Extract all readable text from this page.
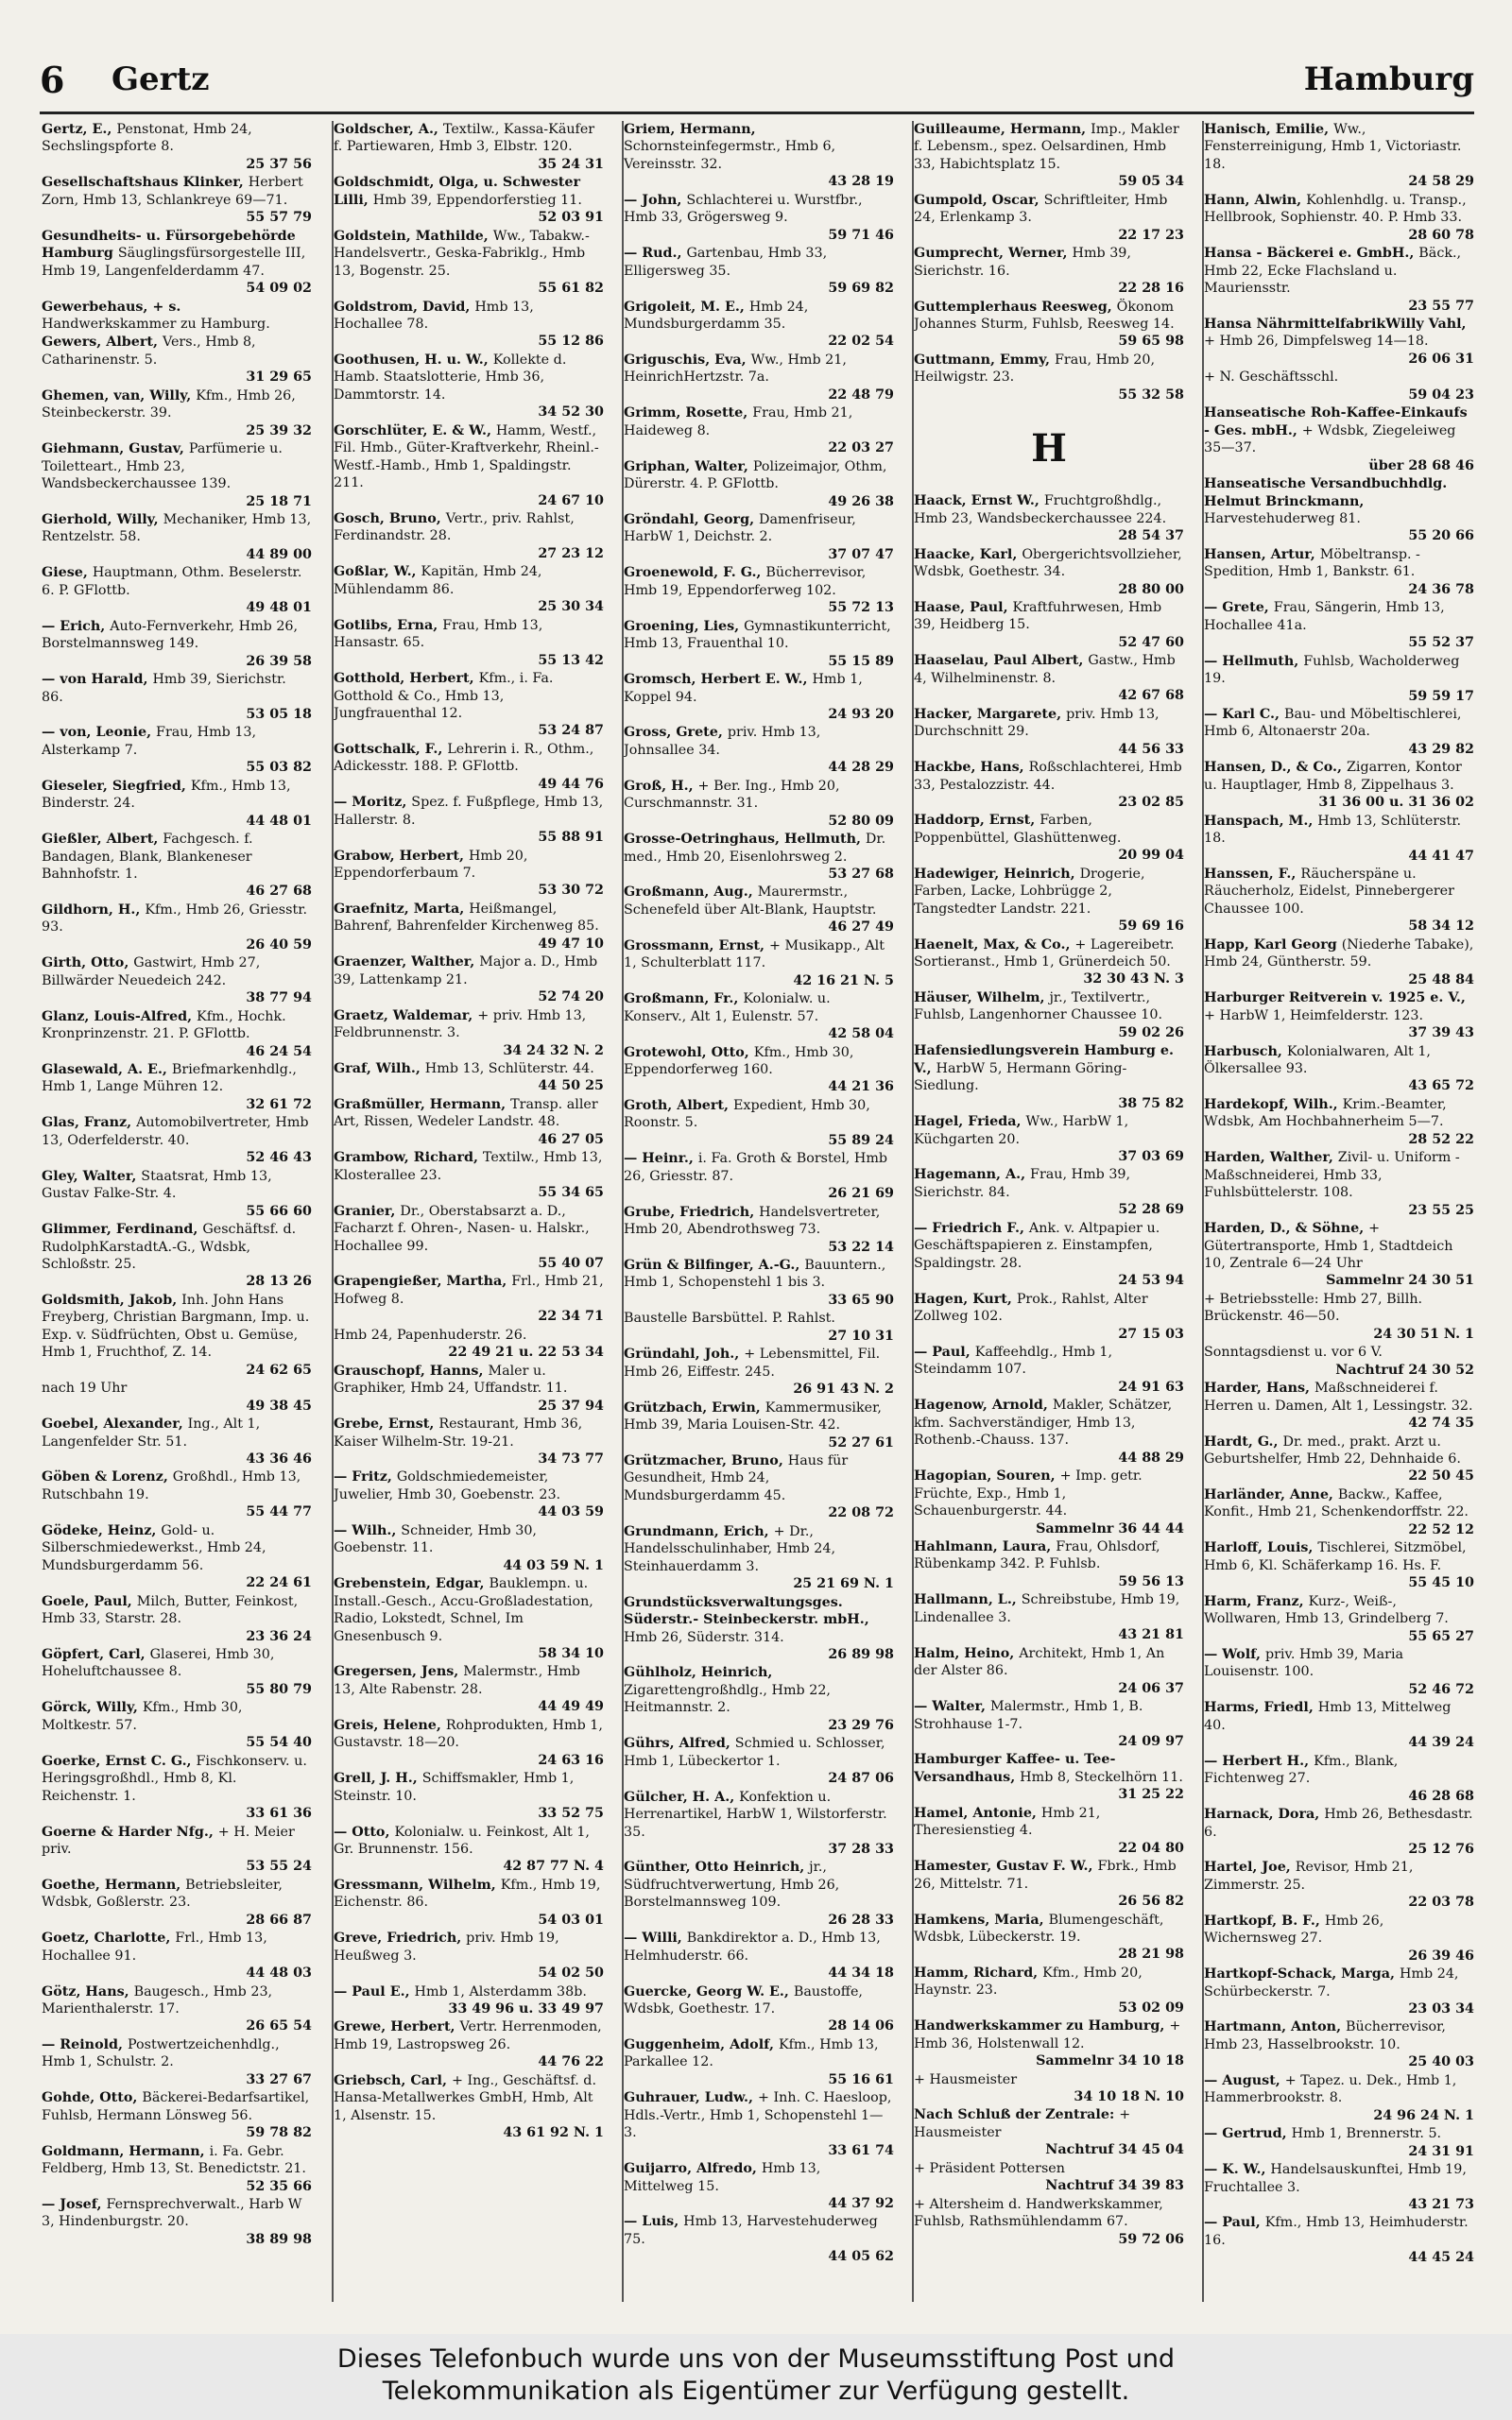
6 Gertz	Hamburg
Gertz, E., Penstonat, Hmb 24, Sechslingspforte 8.
25 37 56
Gesellschaftshaus Klinker, Herbert Zorn, Hmb 13, Schlankreye 69—71.
55 57 79
Gesundheits- u. Fürsorgebehörde Hamburg Säuglingsfürsorgestelle III, Hmb 19, Langenfelderdamm 47.
54 09 02
Gewerbehaus, + s. Handwerkskammer zu Hamburg.
Gewers, Albert, Vers., Hmb 8, Catharinenstr. 5.
31 29 65
Ghemen, van, Willy, Kfm., Hmb 26, Steinbeckerstr. 39.
25 39 32
Giehmann, Gustav, Parfümerie u. Toiletteart., Hmb 23, Wandsbeckerchaussee 139.
25 18 71
Gierhold, Willy, Mechaniker, Hmb 13, Rentzelstr. 58.
44 89 00
Giese, Hauptmann, Othm. Beselerstr. 6. P. GFlottb.
49 48 01
— Erich, Auto-Fernverkehr, Hmb 26, Borstelmannsweg 149.
26 39 58
— von Harald, Hmb 39, Sierichstr. 86.
53 05 18
— von, Leonie, Frau, Hmb 13, Alsterkamp 7.
55 03 82
Gieseler, Siegfried, Kfm., Hmb 13, Binderstr. 24.
44 48 01
Gießler, Albert, Fachgesch. f. Bandagen, Blank, Blankeneser Bahnhofstr. 1.
46 27 68
Gildhorn, H., Kfm., Hmb 26, Griesstr. 93.
26 40 59
Girth, Otto, Gastwirt, Hmb 27, Billwärder Neuedeich 242.
38 77 94
Glanz, Louis-Alfred, Kfm., Hochk. Kronprinzenstr. 21. P. GFlottb.
46 24 54
Glasewald, A. E., Briefmarkenhdlg., Hmb 1, Lange Mühren 12.
32 61 72
Glas, Franz, Automobilvertreter, Hmb 13, Oderfelderstr. 40.
52 46 43
Gley, Walter, Staatsrat, Hmb 13, Gustav Falke-Str. 4.
55 66 60
Glimmer, Ferdinand, Geschäftsf. d. RudolphKarstadtA.-G., Wdsbk, Schloßstr. 25.
28 13 26
Goldsmith, Jakob, Inh. John Hans Freyberg, Christian Bargmann, Imp. u. Exp. v. Südfrüchten, Obst u. Gemüse, Hmb 1, Fruchthof, Z. 14.
24 62 65
nach 19 Uhr
49 38 45
Goebel, Alexander, Ing., Alt 1, Langenfelder Str. 51.
43 36 46
Göben & Lorenz, Großhdl., Hmb 13, Rutschbahn 19.
55 44 77
Gödeke, Heinz, Gold- u. Silberschmiedewerkst., Hmb 24, Mundsburgerdamm 56.
22 24 61
Goele, Paul, Milch, Butter, Feinkost, Hmb 33, Starstr. 28.
23 36 24
Göpfert, Carl, Glaserei, Hmb 30, Hoheluftchaussee 8.
55 80 79
Görck, Willy, Kfm., Hmb 30, Moltkestr. 57.
55 54 40
Goerke, Ernst C. G., Fischkonserv. u. Heringsgroßhdl., Hmb 8, Kl. Reichenstr. 1.
33 61 36
Goerne & Harder Nfg., + H. Meier priv.
53 55 24
Goethe, Hermann, Betriebsleiter, Wdsbk, Goßlerstr. 23.
28 66 87
Goetz, Charlotte, Frl., Hmb 13, Hochallee 91.
44 48 03
Götz, Hans, Baugesch., Hmb 23, Marienthalerstr. 17.
26 65 54
— Reinold, Postwertzeichenhdlg., Hmb 1, Schulstr. 2.
33 27 67
Gohde, Otto, Bäckerei-Bedarfsartikel, Fuhlsb, Hermann Lönsweg 56.
59 78 82
Goldmann, Hermann, i. Fa. Gebr. Feldberg, Hmb 13, St. Benedictstr. 21.
52 35 66
— Josef, Fernsprechverwalt., Harb W 3, Hindenburgstr. 20.
38 89 98
Goldscher, A., Textilw., Kassa-Käufer f. Partiewaren, Hmb 3, Elbstr. 120.
35 24 31
Goldschmidt, Olga, u. Schwester Lilli, Hmb 39, Eppendorferstieg 11.
52 03 91
Goldstein, Mathilde, Ww., Tabakw.-Handelsvertr., Geska-Fabriklg., Hmb 13, Bogenstr. 25.
55 61 82
Goldstrom, David, Hmb 13, Hochallee 78.
55 12 86
Goothusen, H. u. W., Kollekte d. Hamb. Staatslotterie, Hmb 36, Dammtorstr. 14.
34 52 30
Gorschlüter, E. & W., Hamm, Westf., Fil. Hmb., Güter-Kraftverkehr, Rheinl.-Westf.-Hamb., Hmb 1, Spaldingstr. 211.
24 67 10
Gosch, Bruno, Vertr., priv. Rahlst, Ferdinandstr. 28.
27 23 12
Goßlar, W., Kapitän, Hmb 24, Mühlendamm 86.
25 30 34
Gotlibs, Erna, Frau, Hmb 13, Hansastr. 65.
55 13 42
Gotthold, Herbert, Kfm., i. Fa. Gotthold & Co., Hmb 13, Jungfrauenthal 12.
53 24 87
Gottschalk, F., Lehrerin i. R., Othm., Adickesstr. 188. P. GFlottb.
49 44 76
— Moritz, Spez. f. Fußpflege, Hmb 13, Hallerstr. 8.
55 88 91
Grabow, Herbert, Hmb 20, Eppendorferbaum 7.
53 30 72
Graefnitz, Marta, Heißmangel, Bahrenf, Bahrenfelder Kirchenweg 85.
49 47 10
Graenzer, Walther, Major a. D., Hmb 39, Lattenkamp 21.
52 74 20
Graetz, Waldemar, + priv. Hmb 13, Feldbrunnenstr. 3.
34 24 32 N. 2
Graf, Wilh., Hmb 13, Schlüterstr. 44.
44 50 25
Graßmüller, Hermann, Transp. aller Art, Rissen, Wedeler Landstr. 48.
46 27 05
Grambow, Richard, Textilw., Hmb 13, Klosterallee 23.
55 34 65
Granier, Dr., Oberstabsarzt a. D., Facharzt f. Ohren-, Nasen- u. Halskr., Hochallee 99.
55 40 07
Grapengießer, Martha, Frl., Hmb 21, Hofweg 8.
22 34 71
Hmb 24, Papenhuderstr. 26.
22 49 21 u. 22 53 34
Grauschopf, Hanns, Maler u. Graphiker, Hmb 24, Uffandstr. 11.
25 37 94
Grebe, Ernst, Restaurant, Hmb 36, Kaiser Wilhelm-Str. 19-21.
34 73 77
— Fritz, Goldschmiedemeister, Juwelier, Hmb 30, Goebenstr. 23.
44 03 59
— Wilh., Schneider, Hmb 30, Goebenstr. 11.
44 03 59 N. 1
Grebenstein, Edgar, Bauklempn. u. Install.-Gesch., Accu-Großladestation, Radio, Lokstedt, Schnel, Im Gnesenbusch 9.
58 34 10
Gregersen, Jens, Malermstr., Hmb 13, Alte Rabenstr. 28.
44 49 49
Greis, Helene, Rohprodukten, Hmb 1, Gustavstr. 18—20.
24 63 16
Grell, J. H., Schiffsmakler, Hmb 1, Steinstr. 10.
33 52 75
— Otto, Kolonialw. u. Feinkost, Alt 1, Gr. Brunnenstr. 156.
42 87 77 N. 4
Gressmann, Wilhelm, Kfm., Hmb 19, Eichenstr. 86.
54 03 01
Greve, Friedrich, priv. Hmb 19, Heußweg 3.
54 02 50
— Paul E., Hmb 1, Alsterdamm 38b.
33 49 96 u. 33 49 97
Grewe, Herbert, Vertr. Herrenmoden, Hmb 19, Lastropsweg 26.
44 76 22
Griebsch, Carl, + Ing., Geschäftsf. d. Hansa-Metallwerkes GmbH, Hmb, Alt 1, Alsenstr. 15.
43 61 92 N. 1
Griem, Hermann, Schornsteinfegermstr., Hmb 6, Vereinsstr. 32.
43 28 19
— John, Schlachterei u. Wurstfbr., Hmb 33, Grögersweg 9.
59 71 46
— Rud., Gartenbau, Hmb 33, Elligersweg 35.
59 69 82
Grigoleit, M. E., Hmb 24, Mundsburgerdamm 35.
22 02 54
Griguschis, Eva, Ww., Hmb 21, HeinrichHertzstr. 7a.
22 48 79
Grimm, Rosette, Frau, Hmb 21, Haideweg 8.
22 03 27
Griphan, Walter, Polizeimajor, Othm, Dürerstr. 4. P. GFlottb.
49 26 38
Gröndahl, Georg, Damenfriseur, HarbW 1, Deichstr. 2.
37 07 47
Groenewold, F. G., Bücherrevisor, Hmb 19, Eppendorferweg 102.
55 72 13
Groening, Lies, Gymnastikunterricht, Hmb 13, Frauenthal 10.
55 15 89
Gromsch, Herbert E. W., Hmb 1, Koppel 94.
24 93 20
Gross, Grete, priv. Hmb 13, Johnsallee 34.
44 28 29
Groß, H., + Ber. Ing., Hmb 20, Curschmannstr. 31.
52 80 09
Grosse-Oetringhaus, Hellmuth, Dr. med., Hmb 20, Eisenlohrsweg 2.
53 27 68
Großmann, Aug., Maurermstr., Schenefeld über Alt-Blank, Hauptstr.
46 27 49
Grossmann, Ernst, + Musikapp., Alt 1, Schulterblatt 117.
42 16 21 N. 5
Großmann, Fr., Kolonialw. u. Konserv., Alt 1, Eulenstr. 57.
42 58 04
Grotewohl, Otto, Kfm., Hmb 30, Eppendorferweg 160.
44 21 36
Groth, Albert, Expedient, Hmb 30, Roonstr. 5.
55 89 24
— Heinr., i. Fa. Groth & Borstel, Hmb 26, Griesstr. 87.
26 21 69
Grube, Friedrich, Handelsvertreter, Hmb 20, Abendrothsweg 73.
53 22 14
Grün & Bilfinger, A.-G., Bauuntern., Hmb 1, Schopenstehl 1 bis 3.
33 65 90
Baustelle Barsbüttel. P. Rahlst.
27 10 31
Gründahl, Joh., + Lebensmittel, Fil. Hmb 26, Eiffestr. 245.
26 91 43 N. 2
Grützbach, Erwin, Kammermusiker, Hmb 39, Maria Louisen-Str. 42.
52 27 61
Grützmacher, Bruno, Haus für Gesundheit, Hmb 24, Mundsburgerdamm 45.
22 08 72
Grundmann, Erich, + Dr., Handelsschulinhaber, Hmb 24, Steinhauerdamm 3.
25 21 69 N. 1
Grundstücksverwaltungsges. Süderstr.- Steinbeckerstr. mbH., Hmb 26, Süderstr. 314.
26 89 98
Gühlholz, Heinrich, Zigarettengroßhdlg., Hmb 22, Heitmannstr. 2.
23 29 76
Gührs, Alfred, Schmied u. Schlosser, Hmb 1, Lübeckertor 1.
24 87 06
Gülcher, H. A., Konfektion u. Herrenartikel, HarbW 1, Wilstorferstr. 35.
37 28 33
Günther, Otto Heinrich, jr., Südfruchtverwertung, Hmb 26, Borstelmannsweg 109.
26 28 33
— Willi, Bankdirektor a. D., Hmb 13, Helmhuderstr. 66.
44 34 18
Guercke, Georg W. E., Baustoffe, Wdsbk, Goethestr. 17.
28 14 06
Guggenheim, Adolf, Kfm., Hmb 13, Parkallee 12.
55 16 61
Guhrauer, Ludw., + Inh. C. Haesloop, Hdls.-Vertr., Hmb 1, Schopenstehl 1—3.
33 61 74
Guijarro, Alfredo, Hmb 13, Mittelweg 15.
44 37 92
— Luis, Hmb 13, Harvestehuderweg 75.
44 05 62
Guilleaume, Hermann, Imp., Makler f. Lebensm., spez. Oelsardinen, Hmb 33, Habichtsplatz 15.
59 05 34
Gumpold, Oscar, Schriftleiter, Hmb 24, Erlenkamp 3.
22 17 23
Gumprecht, Werner, Hmb 39, Sierichstr. 16.
22 28 16
Guttemplerhaus Reesweg, Ökonom Johannes Sturm, Fuhlsb, Reesweg 14.
59 65 98
Guttmann, Emmy, Frau, Hmb 20, Heilwigstr. 23.
55 32 58
H
Haack, Ernst W., Fruchtgroßhdlg., Hmb 23, Wandsbeckerchaussee 224.
28 54 37
Haacke, Karl, Obergerichtsvollzieher, Wdsbk, Goethestr. 34.
28 80 00
Haase, Paul, Kraftfuhrwesen, Hmb 39, Heidberg 15.
52 47 60
Haaselau, Paul Albert, Gastw., Hmb 4, Wilhelminenstr. 8.
42 67 68
Hacker, Margarete, priv. Hmb 13, Durchschnitt 29.
44 56 33
Hackbe, Hans, Roßschlachterei, Hmb 33, Pestalozzistr. 44.
23 02 85
Haddorp, Ernst, Farben, Poppenbüttel, Glashüttenweg.
20 99 04
Hadewiger, Heinrich, Drogerie, Farben, Lacke, Lohbrügge 2, Tangstedter Landstr. 221.
59 69 16
Haenelt, Max, & Co., + Lagereibetr. Sortieranst., Hmb 1, Grünerdeich 50.
32 30 43 N. 3
Häuser, Wilhelm, jr., Textilvertr., Fuhlsb, Langenhorner Chaussee 10.
59 02 26
Hafensiedlungsverein Hamburg e. V., HarbW 5, Hermann Göring-Siedlung.
38 75 82
Hagel, Frieda, Ww., HarbW 1, Küchgarten 20.
37 03 69
Hagemann, A., Frau, Hmb 39, Sierichstr. 84.
52 28 69
— Friedrich F., Ank. v. Altpapier u. Geschäftspapieren z. Einstampfen, Spaldingstr. 28.
24 53 94
Hagen, Kurt, Prok., Rahlst, Alter Zollweg 102.
27 15 03
— Paul, Kaffeehdlg., Hmb 1, Steindamm 107.
24 91 63
Hagenow, Arnold, Makler, Schätzer, kfm. Sachverständiger, Hmb 13, Rothenb.-Chauss. 137.
44 88 29
Hagopian, Souren, + Imp. getr. Früchte, Exp., Hmb 1, Schauenburgerstr. 44.
Sammelnr 36 44 44
Hahlmann, Laura, Frau, Ohlsdorf, Rübenkamp 342. P. Fuhlsb.
59 56 13
Hallmann, L., Schreibstube, Hmb 19, Lindenallee 3.
43 21 81
Halm, Heino, Architekt, Hmb 1, An der Alster 86.
24 06 37
— Walter, Malermstr., Hmb 1, B. Strohhause 1-7.
24 09 97
Hamburger Kaffee- u. Tee-Versandhaus, Hmb 8, Steckelhörn 11.
31 25 22
Hamel, Antonie, Hmb 21, Theresienstieg 4.
22 04 80
Hamester, Gustav F. W., Fbrk., Hmb 26, Mittelstr. 71.
26 56 82
Hamkens, Maria, Blumengeschäft, Wdsbk, Lübeckerstr. 19.
28 21 98
Hamm, Richard, Kfm., Hmb 20, Haynstr. 23.
53 02 09
Handwerkskammer zu Hamburg, + Hmb 36, Holstenwall 12.
Sammelnr 34 10 18
+ Hausmeister
34 10 18 N. 10
Nach Schluß der Zentrale: + Hausmeister
Nachtruf 34 45 04
+ Präsident Pottersen
Nachtruf 34 39 83
+ Altersheim d. Handwerkskammer, Fuhlsb, Rathsmühlendamm 67.
59 72 06
Hanisch, Emilie, Ww., Fensterreinigung, Hmb 1, Victoriastr. 18.
24 58 29
Hann, Alwin, Kohlenhdlg. u. Transp., Hellbrook, Sophienstr. 40. P. Hmb 33.
28 60 78
Hansa - Bäckerei e. GmbH., Bäck., Hmb 22, Ecke Flachsland u. Mauriensstr.
23 55 77
Hansa NährmittelfabrikWilly Vahl, + Hmb 26, Dimpfelsweg 14—18.
26 06 31
+ N. Geschäftsschl.
59 04 23
Hanseatische Roh-Kaffee-Einkaufs - Ges. mbH., + Wdsbk, Ziegeleiweg 35—37.
über 28 68 46
Hanseatische Versandbuchhdlg. Helmut Brinckmann, Harvestehuderweg 81.
55 20 66
Hansen, Artur, Möbeltransp. - Spedition, Hmb 1, Bankstr. 61.
24 36 78
— Grete, Frau, Sängerin, Hmb 13, Hochallee 41a.
55 52 37
— Hellmuth, Fuhlsb, Wacholderweg 19.
59 59 17
— Karl C., Bau- und Möbeltischlerei, Hmb 6, Altonaerstr 20a.
43 29 82
Hansen, D., & Co., Zigarren, Kontor u. Hauptlager, Hmb 8, Zippelhaus 3.
31 36 00 u. 31 36 02
Hanspach, M., Hmb 13, Schlüterstr. 18.
44 41 47
Hanssen, F., Räucherspäne u. Räucherholz, Eidelst, Pinnebergerer Chaussee 100.
58 34 12
Happ, Karl Georg (Niederhe Tabake), Hmb 24, Güntherstr. 59.
25 48 84
Harburger Reitverein v. 1925 e. V., + HarbW 1, Heimfelderstr. 123.
37 39 43
Harbusch, Kolonialwaren, Alt 1, Ölkersallee 93.
43 65 72
Hardekopf, Wilh., Krim.-Beamter, Wdsbk, Am Hochbahnerheim 5—7.
28 52 22
Harden, Walther, Zivil- u. Uniform - Maßschneiderei, Hmb 33, Fuhlsbüttelerstr. 108.
23 55 25
Harden, D., & Söhne, + Gütertransporte, Hmb 1, Stadtdeich 10, Zentrale 6—24 Uhr
Sammelnr 24 30 51
+ Betriebsstelle: Hmb 27, Billh. Brückenstr. 46—50.
24 30 51 N. 1
Sonntagsdienst u. vor 6 V.
Nachtruf 24 30 52
Harder, Hans, Maßschneiderei f. Herren u. Damen, Alt 1, Lessingstr. 32.
42 74 35
Hardt, G., Dr. med., prakt. Arzt u. Geburtshelfer, Hmb 22, Dehnhaide 6.
22 50 45
Harländer, Anne, Backw., Kaffee, Konfit., Hmb 21, Schenkendorffstr. 22.
22 52 12
Harloff, Louis, Tischlerei, Sitzmöbel, Hmb 6, Kl. Schäferkamp 16. Hs. F.
55 45 10
Harm, Franz, Kurz-, Weiß-, Wollwaren, Hmb 13, Grindelberg 7.
55 65 27
— Wolf, priv. Hmb 39, Maria Louisenstr. 100.
52 46 72
Harms, Friedl, Hmb 13, Mittelweg 40.
44 39 24
— Herbert H., Kfm., Blank, Fichtenweg 27.
46 28 68
Harnack, Dora, Hmb 26, Bethesdastr. 6.
25 12 76
Hartel, Joe, Revisor, Hmb 21, Zimmerstr. 25.
22 03 78
Hartkopf, B. F., Hmb 26, Wichernsweg 27.
26 39 46
Hartkopf-Schack, Marga, Hmb 24, Schürbeckerstr. 7.
23 03 34
Hartmann, Anton, Bücherrevisor, Hmb 23, Hasselbrookstr. 10.
25 40 03
— August, + Tapez. u. Dek., Hmb 1, Hammerbrookstr. 8.
24 96 24 N. 1
— Gertrud, Hmb 1, Brennerstr. 5.
24 31 91
— K. W., Handelsauskunftei, Hmb 19, Fruchtallee 3.
43 21 73
— Paul, Kfm., Hmb 13, Heimhuderstr. 16.
44 45 24
Dieses Telefonbuch wurde uns von der Museumsstiftung Post und
Telekommunikation als Eigentümer zur Verfügung gestellt.
